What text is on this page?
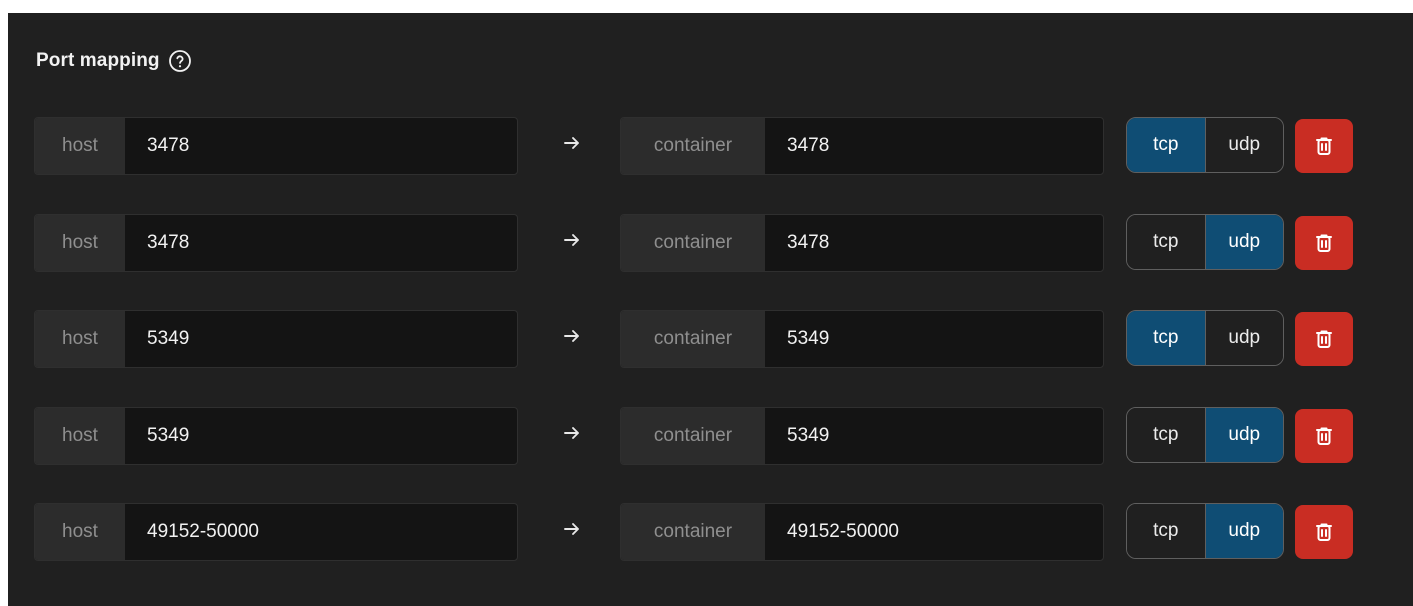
Port mapping
host	3478	container	3478	tcp	udp
host	3478	container	3478	tcp	udp
host	5349	container	5349	tcp	udp
host	5349	container	5349	tcp	udp
host	49152-50000	container	49152-50000	tcp	udp
